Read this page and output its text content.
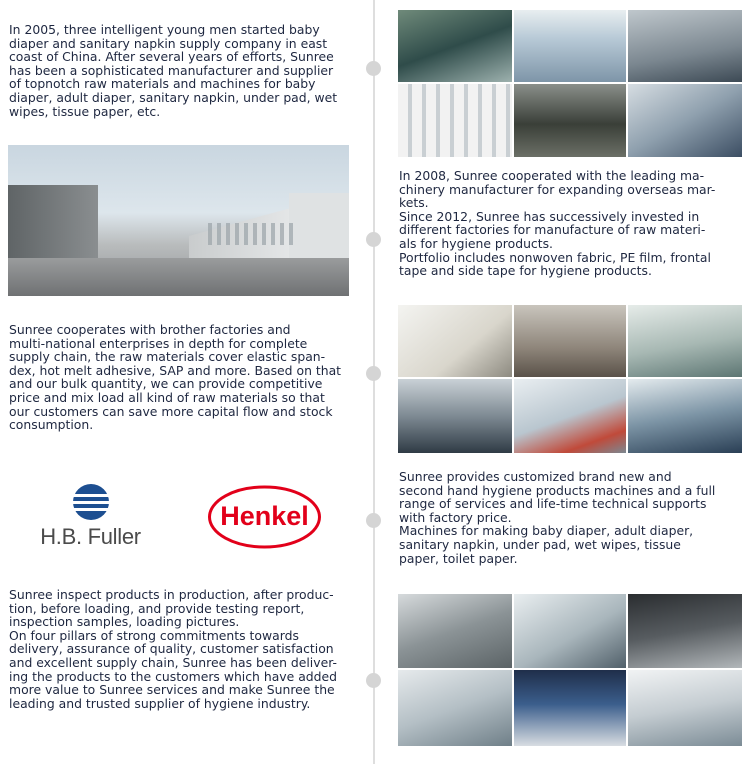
In 2005, three intelligent young men started baby
diaper and sanitary napkin supply company in east
coast of China. After several years of efforts, Sunree
has been a sophisticated manufacturer and supplier
of topnotch raw materials and machines for baby
diaper, adult diaper, sanitary napkin, under pad, wet
wipes, tissue paper, etc.

In 2008, Sunree cooperated with the leading ma-
chinery manufacturer for expanding overseas mar-
kets.
Since 2012, Sunree has successively invested in
different factories for manufacture of raw materi-
als for hygiene products.
Portfolio includes nonwoven fabric, PE film, frontal
tape and side tape for hygiene products.

Sunree cooperates with brother factories and
multi-national enterprises in depth for complete
supply chain, the raw materials cover elastic span-
dex, hot melt adhesive, SAP and more. Based on that
and our bulk quantity, we can provide competitive
price and mix load all kind of raw materials so that
our customers can save more capital flow and stock
consumption.

Sunree provides customized brand new and
second hand hygiene products machines and a full
range of services and life-time technical supports
with factory price.
Machines for making baby diaper, adult diaper,
sanitary napkin, under pad, wet wipes, tissue
paper, toilet paper.

Sunree inspect products in production, after produc-
tion, before loading, and provide testing report,
inspection samples, loading pictures.
On four pillars of strong commitments towards
delivery, assurance of quality, customer satisfaction
and excellent supply chain, Sunree has been deliver-
ing the products to the customers which have added
more value to Sunree services and make Sunree the
leading and trusted supplier of hygiene industry.

H.B. Fuller
Henkel
